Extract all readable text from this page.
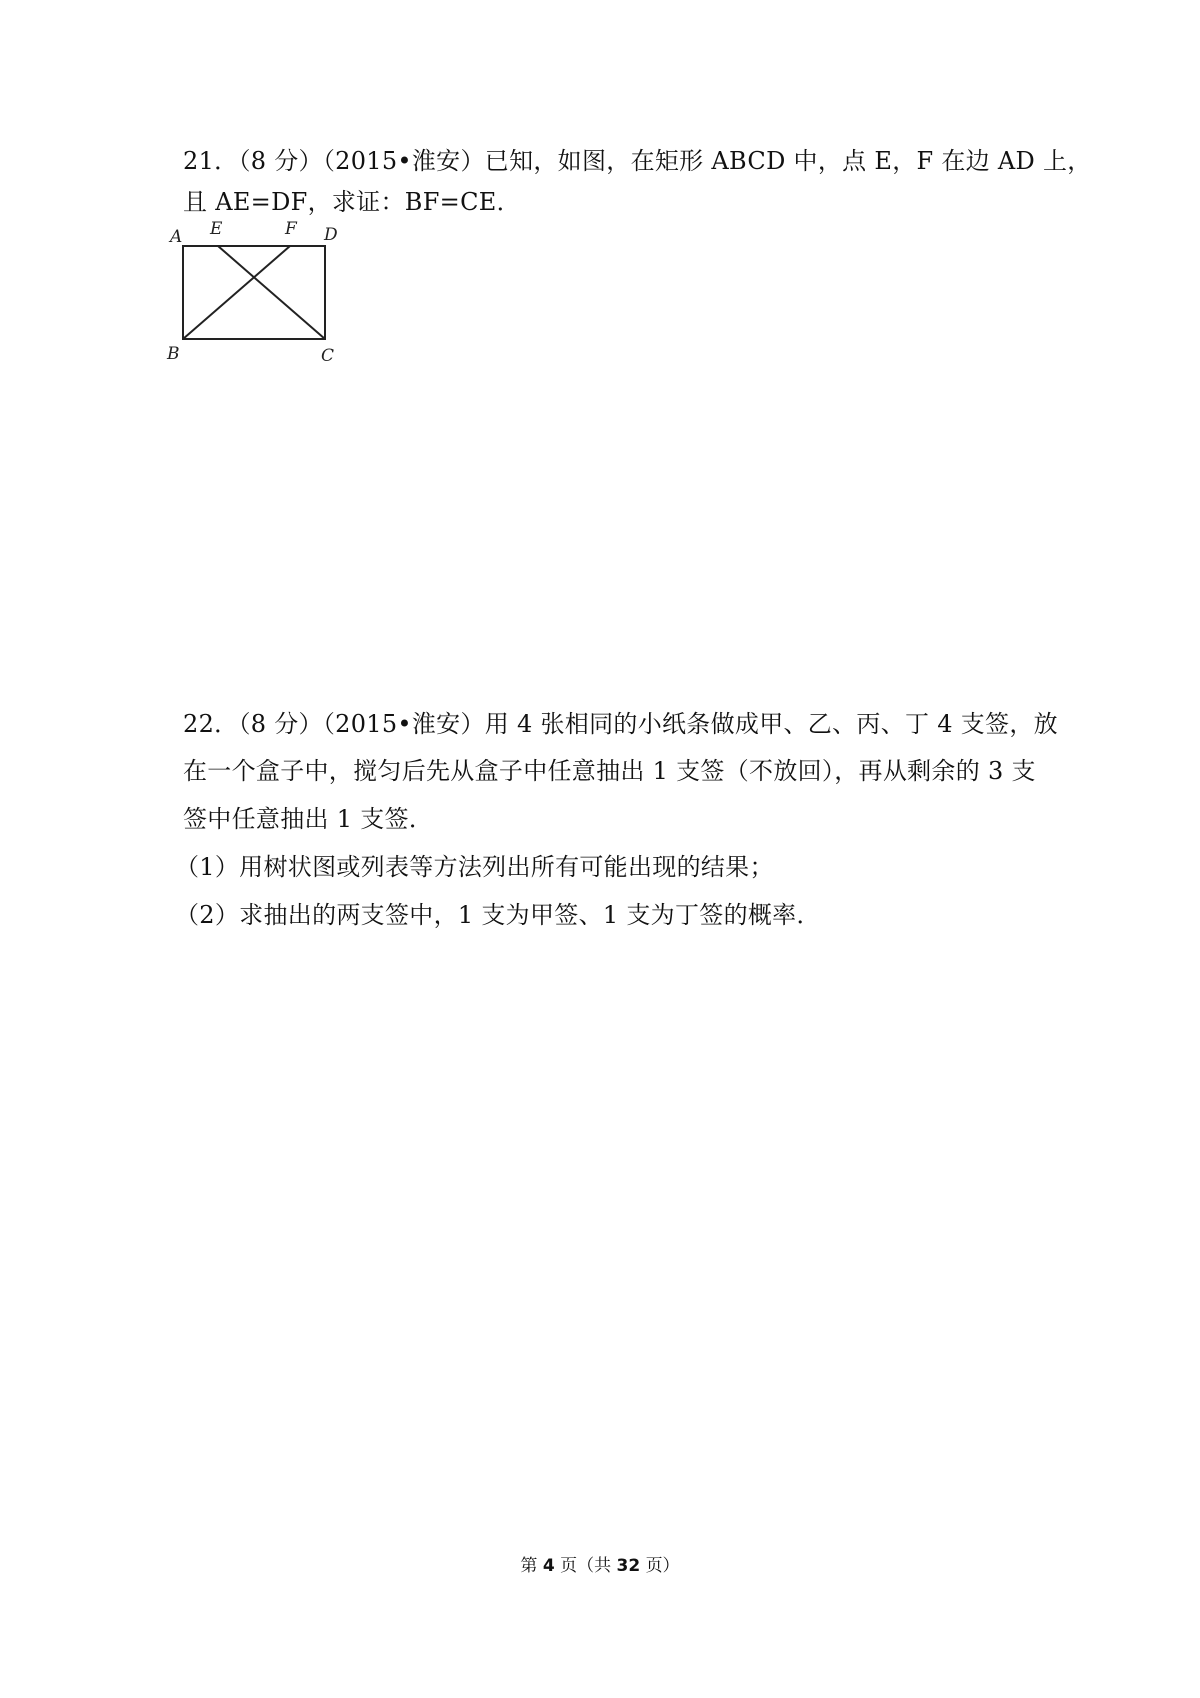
21．（8 分）（2015•淮安）已知，如图，在矩形 ABCD 中，点 E，F 在边 AD 上，
且 AE=DF，求证：BF=CE．
A E	F D
B	C
22．（8 分）（2015•淮安）用 4 张相同的小纸条做成甲、乙、丙、丁 4 支签，放
在一个盒子中，搅匀后先从盒子中任意抽出 1 支签（不放回），再从剩余的 3 支
签中任意抽出 1 支签．
（1）用树状图或列表等方法列出所有可能出现的结果；
（2）求抽出的两支签中，1 支为甲签、1 支为丁签的概率．
第 4 页（共 32 页）
